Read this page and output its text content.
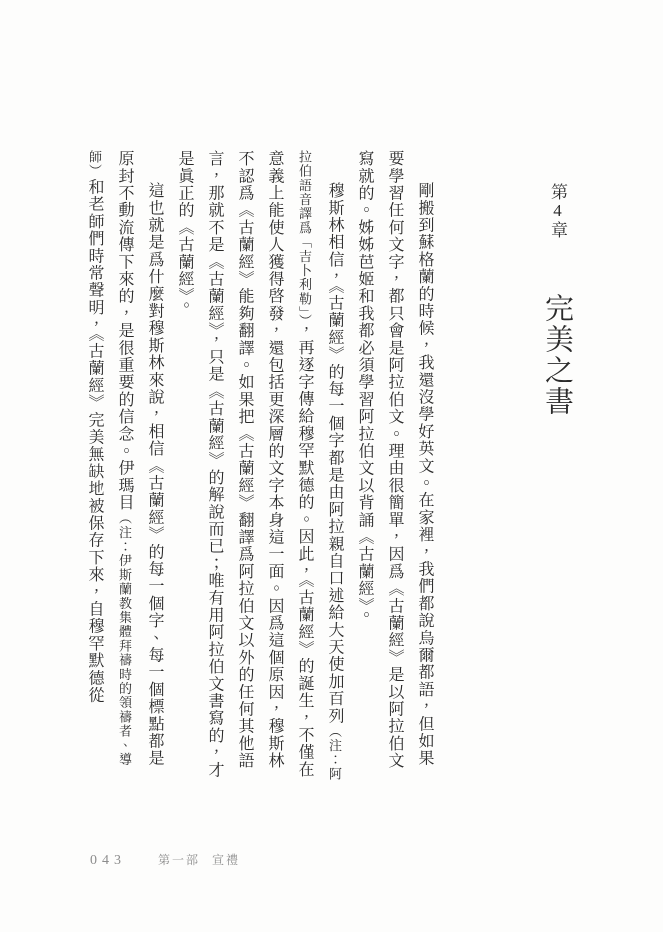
第4章 完美之書

剛搬到蘇格蘭的時候，我還沒學好英文。在家裡，我們都說烏爾都語，但如果要學習任何文字，都只會是阿拉伯文。理由很簡單，因爲《古蘭經》是以阿拉伯文寫就的。姊姊芭姬和我都必須學習阿拉伯文以背誦《古蘭經》。

穆斯林相信，《古蘭經》的每一個字都是由阿拉親自口述給大天使加百列（注：阿拉伯語音譯爲「吉卜利勒」），再逐字傳給穆罕默德的。因此，《古蘭經》的誕生，不僅在意義上能使人獲得啓發，還包括更深層的文字本身這一面。因爲這個原因，穆斯林不認爲《古蘭經》能夠翻譯。如果把《古蘭經》翻譯爲阿拉伯文以外的任何其他語言，那就不是《古蘭經》，只是《古蘭經》的解說而已；唯有用阿拉伯文書寫的，才是眞正的《古蘭經》。

這也就是爲什麼對穆斯林來說，相信《古蘭經》的每一個字、每一個標點都是原封不動流傳下來的，是很重要的信念。伊瑪目（注：伊斯蘭教集體拜禱時的領禱者、導師）和老師們時常聲明，《古蘭經》完美無缺地被保存下來，自穆罕默德從

043	第一部 宣禮
